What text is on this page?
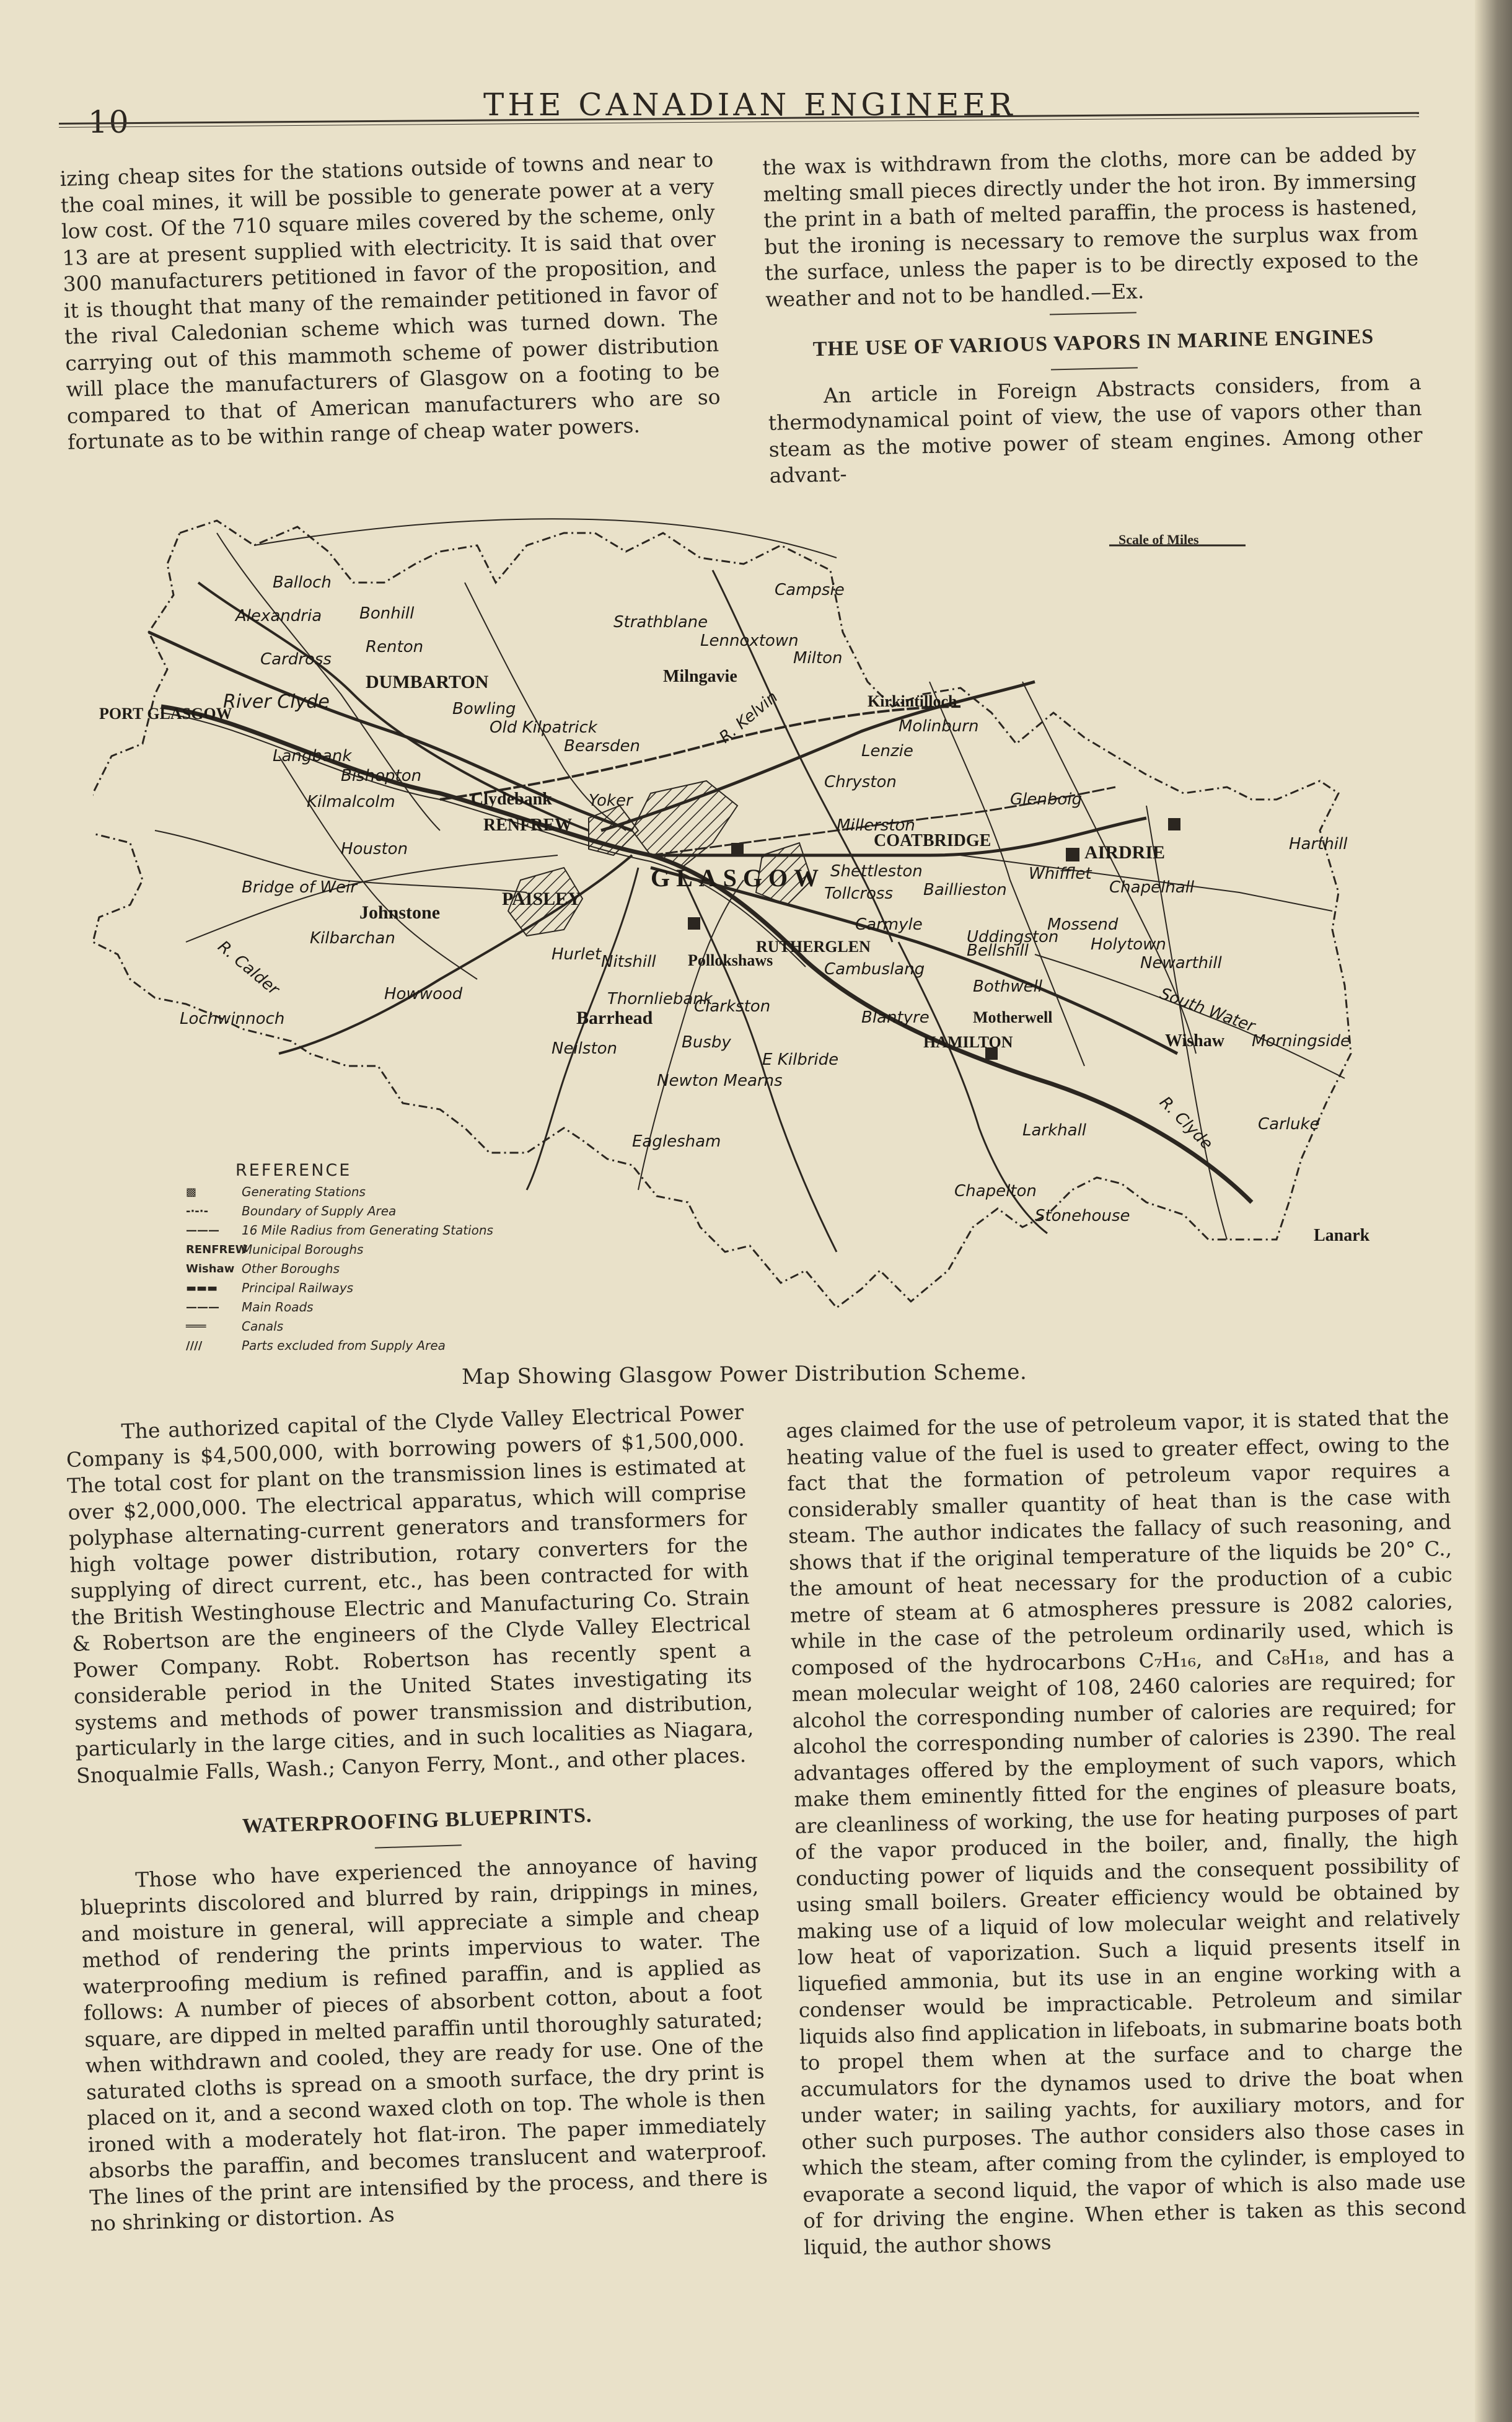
10	THE CANADIAN ENGINEER

izing cheap sites for the stations outside of towns and near to the coal mines, it will be possible to generate power at a very low cost. Of the 710 square miles covered by the scheme, only 13 are at present supplied with electricity. It is said that over 300 manufacturers petitioned in favor of the proposition, and it is thought that many of the remainder petitioned in favor of the rival Caledonian scheme which was turned down. The carrying out of this mammoth scheme of power distribution will place the manufacturers of Glasgow on a footing to be compared to that of American manufacturers who are so fortunate as to be within range of cheap water powers.

the wax is withdrawn from the cloths, more can be added by melting small pieces directly under the hot iron. By immersing the print in a bath of melted paraffin, the process is hastened, but the ironing is necessary to remove the surplus wax from the surface, unless the paper is to be directly exposed to the weather and not to be handled.—Ex.

THE USE OF VARIOUS VAPORS IN MARINE ENGINES

An article in Foreign Abstracts considers, from a thermodynamical point of view, the use of vapors other than steam as the motive power of steam engines. Among other advant-

Balloch
Alexandria Bonhill
Renton
Cardross
DUMBARTON
PORT GLASGOW
River Clyde	Bowling
Old Kilpatrick
Bearsden
Langbank
Bishopton
Kilmalcolm	Clydebank Yoker
RENFREW
Houston
Bridge of Weir
Johnstone
Kilbarchan
R. Calder
Lochwinnoch
Howwood
PAISLEY
GLASGOW
Hurlet Nitshill Pollokshaws
Thornliebank
Barrhead
Neilston
Clarkston
Busby
Newton Mearns
Eaglesham
E Kilbride
Strathblane
Campsie
Lennoxtown
Milton
Milngavie
R. Kelvin	Kirkintilloch
Molinburn
Lenzie
Chryston
Glenboig
Millerston
COATBRIDGE
AIRDRIE	Harthill
Shettleston
Tollcross Baillieston
Whifflet
Chapelhall
RUTHERGLEN
Carmyle
Cambuslang
Uddingston
Bellshill
Mossend
Holytown
Newarthill
South Water
Bothwell
Blantyre	Motherwell
HAMILTON	Wishaw Morningside
R. Clyde
Larkhall	Carluke
Chapelton
Stonehouse
Lanark
Scale of Miles
REFERENCE
▩	Generating Stations
-·-·-	Boundary of Supply Area
———	16 Mile Radius from Generating Stations
RENFREW
Municipal Boroughs
Wishaw Other Boroughs
▬▬▬	Principal Railways
———	Main Roads
═══	Canals
////	Parts excluded from Supply Area
Map Showing Glasgow Power Distribution Scheme.

The authorized capital of the Clyde Valley Electrical Power Company is $4,500,000, with borrowing powers of $1,500,000. The total cost for plant on the transmission lines is estimated at over $2,000,000. The electrical apparatus, which will comprise polyphase alternating-current generators and transformers for high voltage power distribution, rotary converters for the supplying of direct current, etc., has been contracted for with the British Westinghouse Electric and Manufacturing Co. Strain & Robertson are the engineers of the Clyde Valley Electrical Power Company. Robt. Robertson has recently spent a considerable period in the United States investigating its systems and methods of power transmission and distribution, particularly in the large cities, and in such localities as Niagara, Snoqualmie Falls, Wash.; Canyon Ferry, Mont., and other places.

WATERPROOFING BLUEPRINTS.

Those who have experienced the annoyance of having blueprints discolored and blurred by rain, drippings in mines, and moisture in general, will appreciate a simple and cheap method of rendering the prints impervious to water. The waterproofing medium is refined paraffin, and is applied as follows: A number of pieces of absorbent cotton, about a foot square, are dipped in melted paraffin until thoroughly saturated; when withdrawn and cooled, they are ready for use. One of the saturated cloths is spread on a smooth surface, the dry print is placed on it, and a second waxed cloth on top. The whole is then ironed with a moderately hot flat-iron. The paper immediately absorbs the paraffin, and becomes translucent and waterproof. The lines of the print are intensified by the process, and there is no shrinking or distortion. As

ages claimed for the use of petroleum vapor, it is stated that the heating value of the fuel is used to greater effect, owing to the fact that the formation of petroleum vapor requires a considerably smaller quantity of heat than is the case with steam. The author indicates the fallacy of such reasoning, and shows that if the original temperature of the liquids be 20° C., the amount of heat necessary for the production of a cubic metre of steam at 6 atmospheres pressure is 2082 calories, while in the case of the petroleum ordinarily used, which is composed of the hydrocarbons C₇H₁₆, and C₈H₁₈, and has a mean molecular weight of 108, 2460 calories are required; for alcohol the corresponding number of calories are required; for alcohol the corresponding number of calories is 2390. The real advantages offered by the employment of such vapors, which make them eminently fitted for the engines of pleasure boats, are cleanliness of working, the use for heating purposes of part of the vapor produced in the boiler, and, finally, the high conducting power of liquids and the consequent possibility of using small boilers. Greater efficiency would be obtained by making use of a liquid of low molecular weight and relatively low heat of vaporization. Such a liquid presents itself in liquefied ammonia, but its use in an engine working with a condenser would be impracticable. Petroleum and similar liquids also find application in lifeboats, in submarine boats both to propel them when at the surface and to charge the accumulators for the dynamos used to drive the boat when under water; in sailing yachts, for auxiliary motors, and for other such purposes. The author considers also those cases in which the steam, after coming from the cylinder, is employed to evaporate a second liquid, the vapor of which is also made use of for driving the engine. When ether is taken as this second liquid, the author shows
